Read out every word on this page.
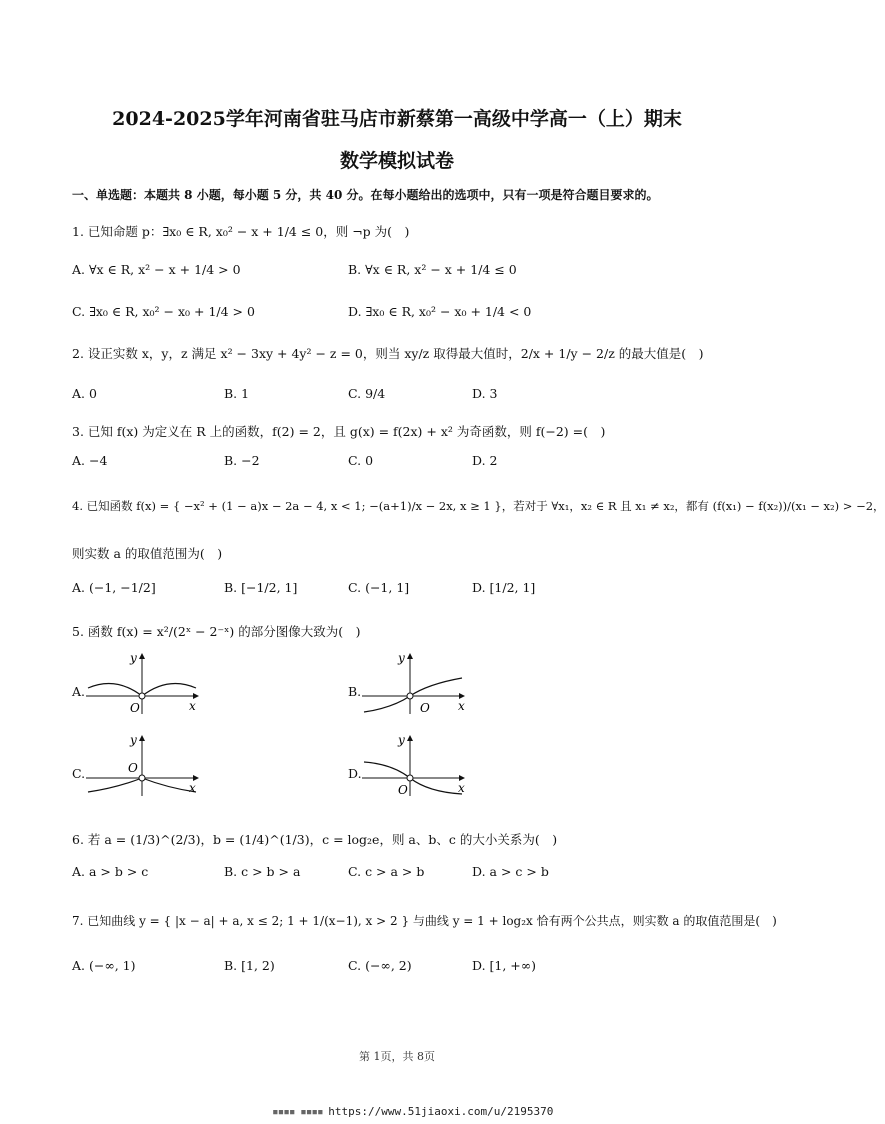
2024-2025学年河南省驻马店市新蔡第一高级中学高一（上）期末
数学模拟试卷
一、单选题：本题共 8 小题，每小题 5 分，共 40 分。在每小题给出的选项中，只有一项是符合题目要求的。
1. 已知命题 p：∃x₀ ∈ R, x₀² − x + 1/4 ≤ 0，则 ¬p 为(　)
A. ∀x ∈ R, x² − x + 1/4 > 0	B. ∀x ∈ R, x² − x + 1/4 ≤ 0
C. ∃x₀ ∈ R, x₀² − x₀ + 1/4 > 0	D. ∃x₀ ∈ R, x₀² − x₀ + 1/4 < 0
2. 设正实数 x，y，z 满足 x² − 3xy + 4y² − z = 0，则当 xy/z 取得最大值时，2/x + 1/y − 2/z 的最大值是(　)
A. 0	B. 1	C. 9/4	D. 3
3. 已知 f(x) 为定义在 R 上的函数，f(2) = 2，且 g(x) = f(2x) + x² 为奇函数，则 f(−2) =(　)
A. −4	B. −2	C. 0	D. 2
4. 已知函数 f(x) = { −x² + (1 − a)x − 2a − 4, x < 1; −(a+1)/x − 2x, x ≥ 1 }，若对于 ∀x₁，x₂ ∈ R 且 x₁ ≠ x₂，都有 (f(x₁) − f(x₂))/(x₁ − x₂) > −2，
则实数 a 的取值范围为(　)
A. (−1, −1/2]	B. [−1/2, 1]	C. (−1, 1]	D. [1/2, 1]
5. 函数 f(x) = x²/(2ˣ − 2⁻ˣ) 的部分图像大致为(　)
A.
y
O	x
B.
y
O x
C.
y
O
x
D.
y
O	x
6. 若 a = (1/3)^(2/3)，b = (1/4)^(1/3)，c = log₂e，则 a、b、c 的大小关系为(　)
A. a > b > c	B. c > b > a	C. c > a > b	D. a > c > b
7. 已知曲线 y = { |x − a| + a, x ≤ 2; 1 + 1/(x−1), x > 2 } 与曲线 y = 1 + log₂x 恰有两个公共点，则实数 a 的取值范围是(　)
A. (−∞, 1)	B. [1, 2)	C. (−∞, 2)	D. [1, +∞)
第 1页，共 8页
▪▪▪▪ ▪▪▪▪ https://www.51jiaoxi.com/u/2195370
